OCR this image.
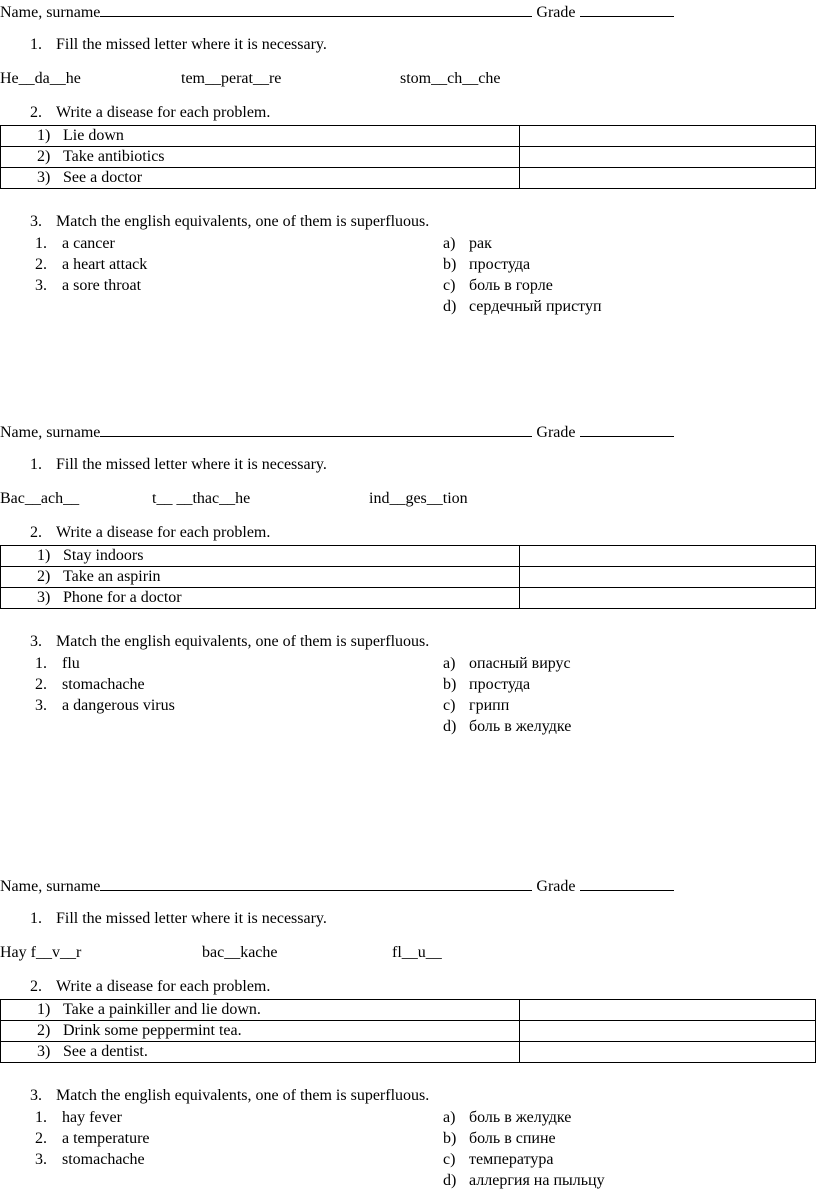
Name, surname	Grade
1. Fill the missed letter where it is necessary.
He__da__he	tem__perat__re	stom__ch__che
2. Write a disease for each problem.
1) Lie down	
2) Take antibiotics	
3) See a doctor	
3. Match the english equivalents, one of them is superfluous.
1. a cancer
2. a heart attack
3. a sore throat
a) рак
b) простуда
c) боль в горле
d) сердечный приступ
Name, surname	Grade
1. Fill the missed letter where it is necessary.
Bac__ach__	t__ __thac__he	ind__ges__tion
2. Write a disease for each problem.
1) Stay indoors	
2) Take an aspirin	
3) Phone for a doctor	
3. Match the english equivalents, one of them is superfluous.
1. flu
2. stomachache
3. a dangerous virus
a) опасный вирус
b) простуда
c) грипп
d) боль в желудке
Name, surname	Grade
1. Fill the missed letter where it is necessary.
Hay f__v__r	bac__kache	fl__u__
2. Write a disease for each problem.
1) Take a painkiller and lie down.	
2) Drink some peppermint tea.	
3) See a dentist.	
3. Match the english equivalents, one of them is superfluous.
1. hay fever
2. a temperature
3. stomachache
a) боль в желудке
b) боль в спине
c) температура
d) аллергия на пыльцу
